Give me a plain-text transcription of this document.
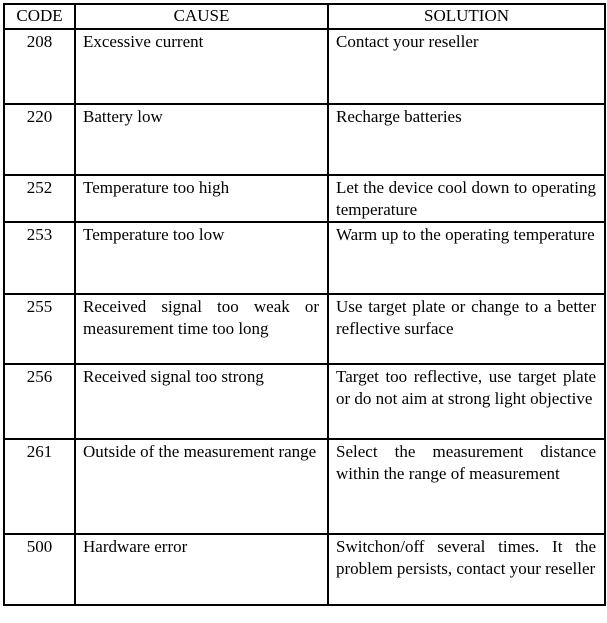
CODE	CAUSE	SOLUTION
208	Excessive current	Contact your reseller
220	Battery low	Recharge batteries
252	Temperature too high	Let the device cool down to operating temperature
253	Temperature too low	Warm up to the operating temperature
255	Received signal too weak or measurement time too long	Use target plate or change to a better reflective surface
256	Received signal too strong	Target too reflective, use target plate or do not aim at strong light objective
261	Outside of the measurement range	Select the measurement distance within the range of measurement
500	Hardware error	Switchon/off several times. It the problem persists, contact your reseller
